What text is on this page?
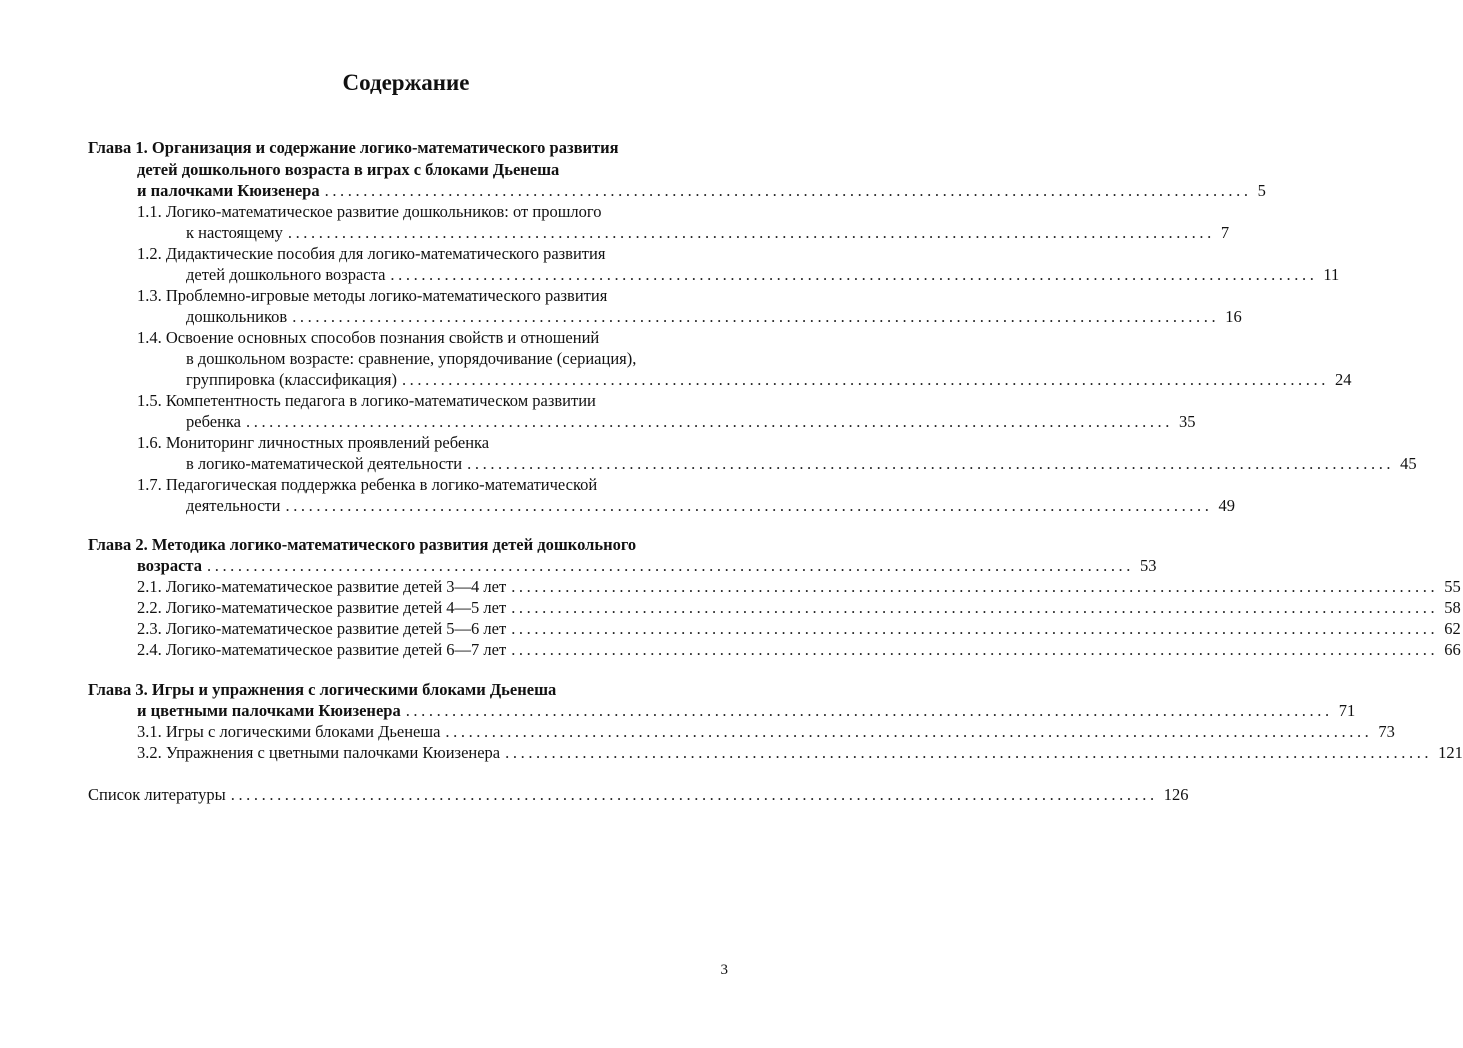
Содержание
Глава 1. Организация и содержание логико-математического развития
детей дошкольного возраста в играх с блоками Дьенеша
и палочками Кюизенера ........................................................................................................................ 5
1.1. Логико-математическое развитие дошкольников: от прошлого
к настоящему ........................................................................................................................ 7
1.2. Дидактические пособия для логико-математического развития
детей дошкольного возраста ........................................................................................................................ 11
1.3. Проблемно-игровые методы логико-математического развития
дошкольников ........................................................................................................................ 16
1.4. Освоение основных способов познания свойств и отношений
в дошкольном возрасте: сравнение, упорядочивание (сериация),
группировка (классификация) ........................................................................................................................ 24
1.5. Компетентность педагога в логико-математическом развитии
ребенка ........................................................................................................................ 35
1.6. Мониторинг личностных проявлений ребенка
в логико-математической деятельности ........................................................................................................................ 45
1.7. Педагогическая поддержка ребенка в логико-математической
деятельности ........................................................................................................................ 49
Глава 2. Методика логико-математического развития детей дошкольного
возраста ........................................................................................................................ 53
2.1. Логико-математическое развитие детей 3—4 лет ........................................................................................................................ 55
2.2. Логико-математическое развитие детей 4—5 лет ........................................................................................................................ 58
2.3. Логико-математическое развитие детей 5—6 лет ........................................................................................................................ 62
2.4. Логико-математическое развитие детей 6—7 лет ........................................................................................................................ 66
Глава 3. Игры и упражнения с логическими блоками Дьенеша
и цветными палочками Кюизенера ........................................................................................................................ 71
3.1. Игры с логическими блоками Дьенеша ........................................................................................................................ 73
3.2. Упражнения с цветными палочками Кюизенера ........................................................................................................................ 121
Список литературы ........................................................................................................................ 126
3
